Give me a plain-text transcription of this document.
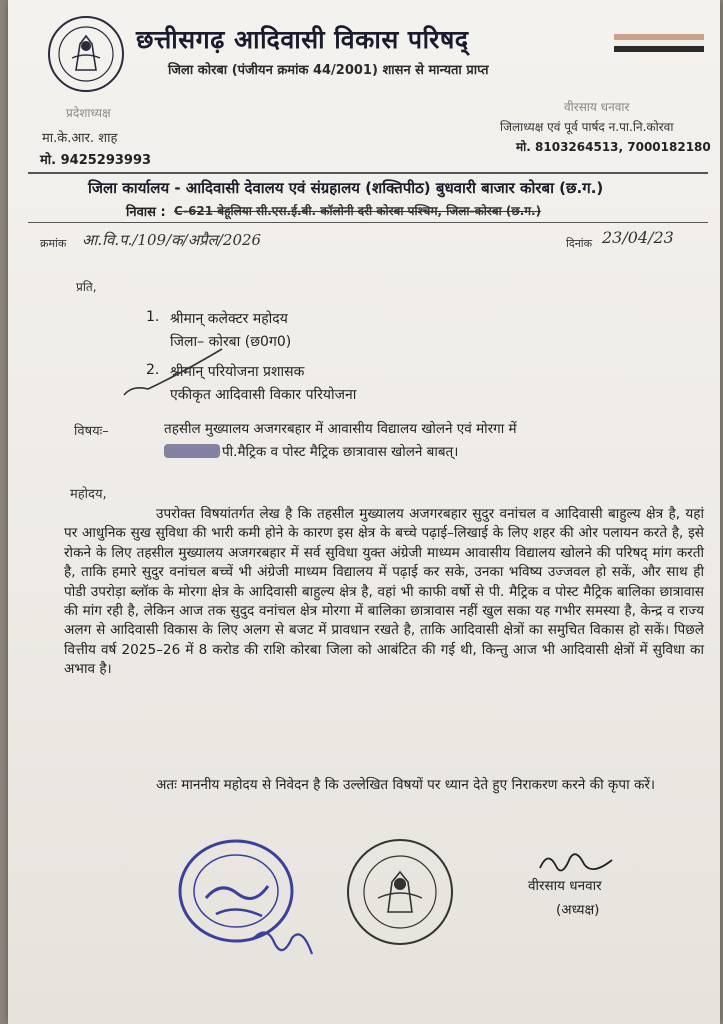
छत्तीसगढ़ आदिवासी विकास परिषद्
जिला कोरबा (पंजीयन क्रमांक 44/2001) शासन से मान्यता प्राप्त
प्रदेशाध्यक्ष
मा.के.आर. शाह
मो. 9425293993
वीरसाय धनवार
जिलाध्यक्ष एवं पूर्व पार्षद न.पा.नि.कोरवा
मो. 8103264513, 7000182180
जिला कार्यालय - आदिवासी देवालय एवं संग्रहालय (शक्तिपीठ) बुधवारी बाजार कोरबा (छ.ग.)
निवास : C-621 बेहूलिया सी.एस.ई.बी. कॉलोनी दरी कोरबा पश्चिम, जिला-कोरबा (छ.ग.)
क्रमांक आ.वि.प./109/क/अप्रैल/2026	दिनांक 23/04/23
प्रति,
1. श्रीमान् कलेक्टर महोदय
जिला– कोरबा (छ0ग0)
2. श्रीमान् परियोजना प्रशासक
एकीकृत आदिवासी विकार परियोजना
विषयः–	तहसील मुख्यालय अजगरबहार में आवासीय विद्यालय खोलने एवं मोरगा में
पी.मैट्रिक व पोस्ट मैट्रिक छात्रावास खोलने बाबत्।
महोदय,
उपरोक्त विषयांतर्गत लेख है कि तहसील मुख्यालय अजगरबहार सुदुर वनांचल व आदिवासी बाहुल्य क्षेत्र है, यहां पर आधुनिक सुख सुविधा की भारी कमी होने के कारण इस क्षेत्र के बच्चे पढ़ाई–लिखाई के लिए शहर की ओर पलायन करते है, इसे रोकने के लिए तहसील मुख्यालय अजगरबहार में सर्व सुविधा युक्त अंग्रेजी माध्यम आवासीय विद्यालय खोलने की परिषद् मांग करती है, ताकि हमारे सुदुर वनांचल बच्चें भी अंग्रेजी माध्यम विद्यालय में पढ़ाई कर सके, उनका भविष्य उज्जवल हो सकें, और साथ ही पोडी उपरोड़ा ब्लॉक के मोरगा क्षेत्र के आदिवासी बाहुल्य क्षेत्र है, वहां भी काफी वर्षो से पी. मैट्रिक व पोस्ट मैट्रिक बालिका छात्रावास की मांग रही है, लेकिन आज तक सुदुद वनांचल क्षेत्र मोरगा में बालिका छात्रावास नहीं खुल सका यह गभीर समस्या है, केन्द्र व राज्य अलग से आदिवासी विकास के लिए अलग से बजट में प्रावधान रखते है, ताकि आदिवासी क्षेत्रों का समुचित विकास हो सकें। पिछले वित्तीय वर्ष 2025–26 में 8 करोड की राशि कोरबा जिला को आबंटित की गई थी, किन्तु आज भी आदिवासी क्षेत्रों में सुविधा का अभाव है।
अतः माननीय महोदय से निवेदन है कि उल्लेखित विषयों पर ध्यान देते हुए निराकरण करने की कृपा करें।
वीरसाय धनवार
(अध्यक्ष)
